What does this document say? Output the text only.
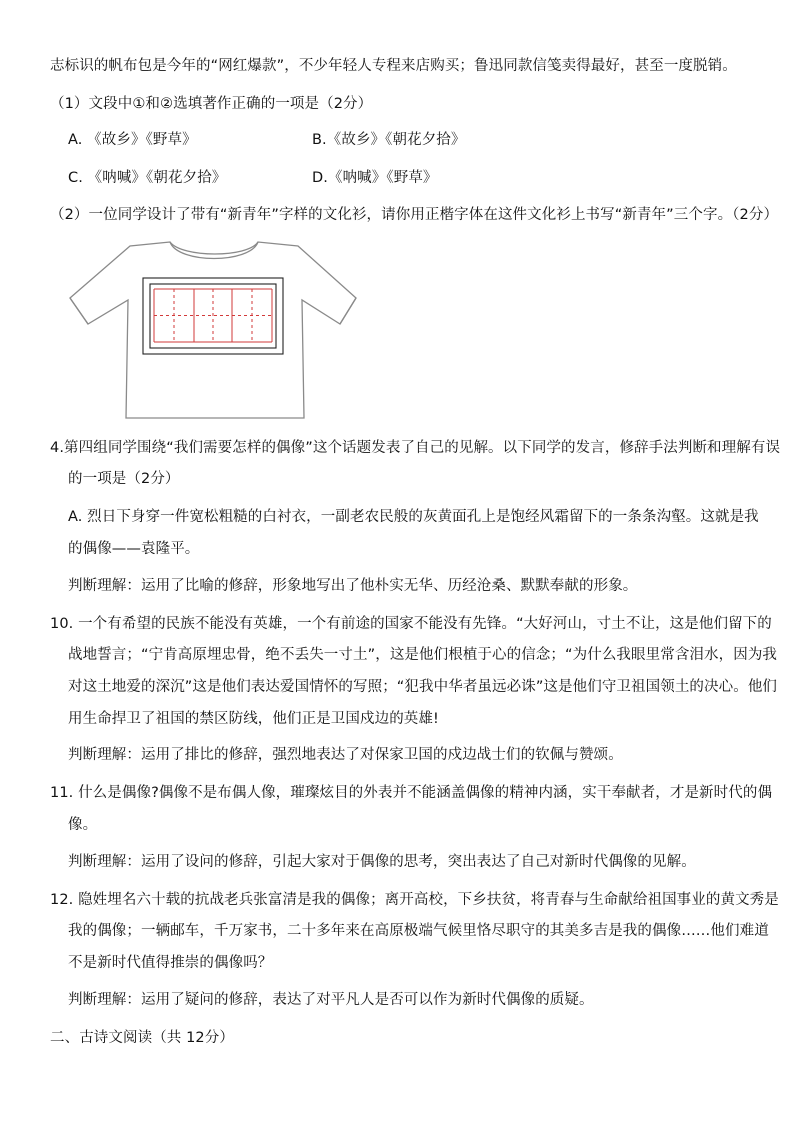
志标识的帆布包是今年的“网红爆款”，不少年轻人专程来店购买；鲁迅同款信笺卖得最好，甚至一度脱销。
（1）文段中①和②选填著作正确的一项是（2分）
A. 《故乡》《野草》	B.《故乡》《朝花夕拾》
C. 《呐喊》《朝花夕拾》	D.《呐喊》《野草》
（2）一位同学设计了带有“新青年”字样的文化衫，请你用正楷字体在这件文化衫上书写“新青年”三个字。（2分）
4.第四组同学围绕“我们需要怎样的偶像”这个话题发表了自己的见解。以下同学的发言，修辞手法判断和理解有误
的一项是（2分）
A. 烈日下身穿一件宽松粗糙的白衬衣，一副老农民般的灰黄面孔上是饱经风霜留下的一条条沟壑。这就是我
的偶像——袁隆平。
判断理解：运用了比喻的修辞，形象地写出了他朴实无华、历经沧桑、默默奉献的形象。
10. 一个有希望的民族不能没有英雄，一个有前途的国家不能没有先锋。“大好河山，寸土不让，这是他们留下的
战地誓言；“宁肯高原埋忠骨，绝不丢失一寸土”，这是他们根植于心的信念；“为什么我眼里常含泪水，因为我
对这土地爱的深沉”这是他们表达爱国情怀的写照；“犯我中华者虽远必诛”这是他们守卫祖国领土的决心。他们
用生命捍卫了祖国的禁区防线，他们正是卫国戍边的英雄!
判断理解：运用了排比的修辞，强烈地表达了对保家卫国的戍边战士们的钦佩与赞颂。
11. 什么是偶像?偶像不是布偶人像，璀璨炫目的外表并不能涵盖偶像的精神内涵，实干奉献者，才是新时代的偶
像。
判断理解：运用了设问的修辞，引起大家对于偶像的思考，突出表达了自己对新时代偶像的见解。
12. 隐姓埋名六十载的抗战老兵张富清是我的偶像；离开高校，下乡扶贫，将青春与生命献给祖国事业的黄文秀是
我的偶像；一辆邮车，千万家书，二十多年来在高原极端气候里恪尽职守的其美多吉是我的偶像……他们难道
不是新时代值得推崇的偶像吗？
判断理解：运用了疑问的修辞，表达了对平凡人是否可以作为新时代偶像的质疑。
二、古诗文阅读（共 12分）
